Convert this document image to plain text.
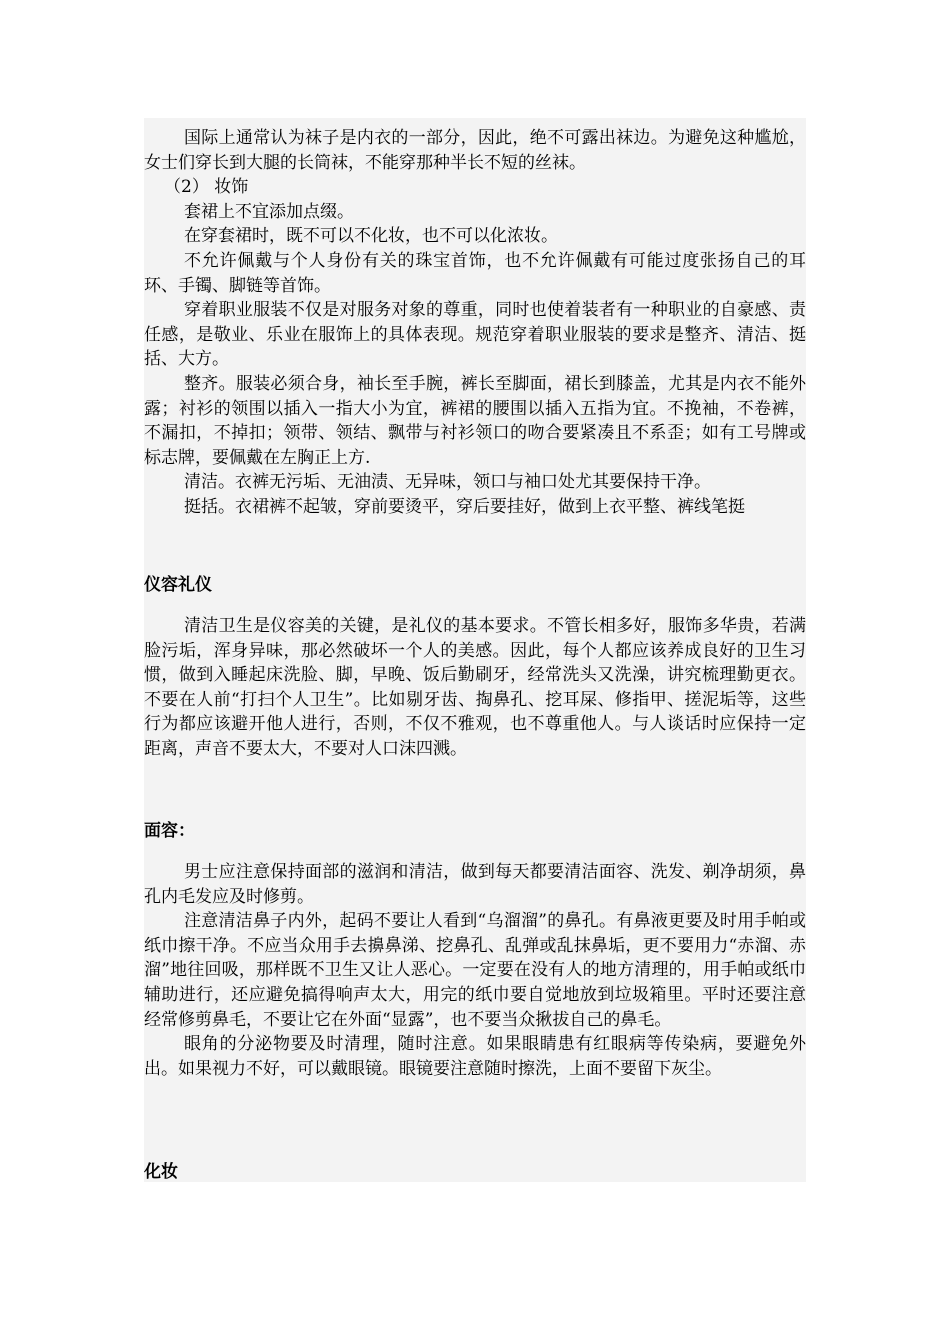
国际上通常认为袜子是内衣的一部分，因此，绝不可露出袜边。为避免这种尴尬，女士们穿长到大腿的长筒袜，不能穿那种半长不短的丝袜。

（2） 妆饰

套裙上不宜添加点缀。

在穿套裙时，既不可以不化妆，也不可以化浓妆。

不允许佩戴与个人身份有关的珠宝首饰，也不允许佩戴有可能过度张扬自己的耳环、手镯、脚链等首饰。

穿着职业服装不仅是对服务对象的尊重，同时也使着装者有一种职业的自豪感、责任感，是敬业、乐业在服饰上的具体表现。规范穿着职业服装的要求是整齐、清洁、挺括、大方。

整齐。服装必须合身，袖长至手腕，裤长至脚面，裙长到膝盖，尤其是内衣不能外露；衬衫的领围以插入一指大小为宜，裤裙的腰围以插入五指为宜。不挽袖，不卷裤，不漏扣，不掉扣；领带、领结、飘带与衬衫领口的吻合要紧凑且不系歪；如有工号牌或标志牌，要佩戴在左胸正上方.

清洁。衣裤无污垢、无油渍、无异味，领口与袖口处尤其要保持干净。

挺括。衣裙裤不起皱，穿前要烫平，穿后要挂好，做到上衣平整、裤线笔挺

仪容礼仪

清洁卫生是仪容美的关键，是礼仪的基本要求。不管长相多好，服饰多华贵，若满脸污垢，浑身异味，那必然破坏一个人的美感。因此，每个人都应该养成良好的卫生习惯，做到入睡起床洗脸、脚，早晚、饭后勤刷牙，经常洗头又洗澡，讲究梳理勤更衣。不要在人前“打扫个人卫生”。比如剔牙齿、掏鼻孔、挖耳屎、修指甲、搓泥垢等，这些行为都应该避开他人进行，否则，不仅不雅观，也不尊重他人。与人谈话时应保持一定距离，声音不要太大，不要对人口沫四溅。

面容：

男士应注意保持面部的滋润和清洁，做到每天都要清洁面容、洗发、剃净胡须，鼻孔内毛发应及时修剪。

注意清洁鼻子内外，起码不要让人看到“乌溜溜”的鼻孔。有鼻液更要及时用手帕或纸巾擦干净。不应当众用手去擤鼻涕、挖鼻孔、乱弹或乱抹鼻垢，更不要用力“赤溜、赤溜”地往回吸，那样既不卫生又让人恶心。一定要在没有人的地方清理的，用手帕或纸巾辅助进行，还应避免搞得响声太大，用完的纸巾要自觉地放到垃圾箱里。平时还要注意经常修剪鼻毛，不要让它在外面“显露”，也不要当众揪拔自己的鼻毛。

眼角的分泌物要及时清理，随时注意。如果眼睛患有红眼病等传染病，要避免外出。如果视力不好，可以戴眼镜。眼镜要注意随时擦洗，上面不要留下灰尘。

化妆
